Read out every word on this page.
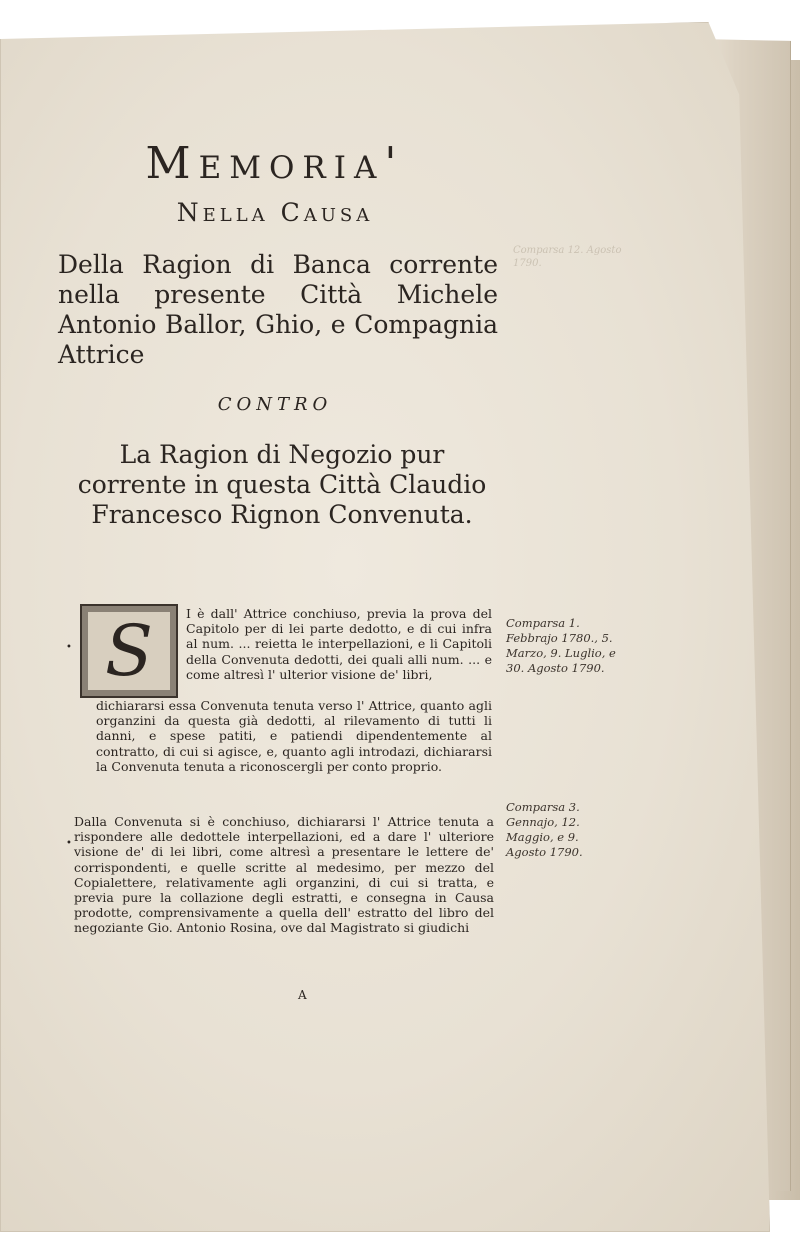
Comparsa 12. Agosto 1790.
Memoria'
Nella Causa
Della Ragion di Banca corrente nella presente Città Michele Antonio Ballor, Ghio, e Compagnia Attrice
CONTRO
La Ragion di Negozio pur corrente in questa Città Claudio Francesco Rignon Convenuta.
S
•
•
I è dall' Attrice conchiuso, previa la prova del Capitolo per di lei parte dedotto, e di cui infra al num. ... reietta le interpellazioni, e li Capitoli della Convenuta dedotti, dei quali alli num. ... e come altresì l' ulterior visione de' libri,
dichiararsi essa Convenuta tenuta verso l' Attrice, quanto agli organzini da questa già dedotti, al rilevamento di tutti li danni, e spese patiti, e patiendi dipendentemente al contratto, di cui si agisce, e, quanto agli introdazi, dichiararsi la Convenuta tenuta a riconoscergli per conto proprio.
Dalla Convenuta si è conchiuso, dichiararsi l' Attrice tenuta a rispondere alle dedottele interpellazioni, ed a dare l' ulteriore visione de' di lei libri, come altresì a presentare le lettere de' corrispondenti, e quelle scritte al medesimo, per mezzo del Copialettere, relativamente agli organzini, di cui si tratta, e previa pure la collazione degli estratti, e consegna in Causa prodotte, comprensivamente a quella dell' estratto del libro del negoziante Gio. Antonio Rosina, ove dal Magistrato si giudichi
Comparsa 1. Febbrajo 1780., 5. Marzo, 9. Luglio, e 30. Agosto 1790.
Comparsa 3. Gennajo, 12. Maggio, e 9. Agosto 1790.
A
